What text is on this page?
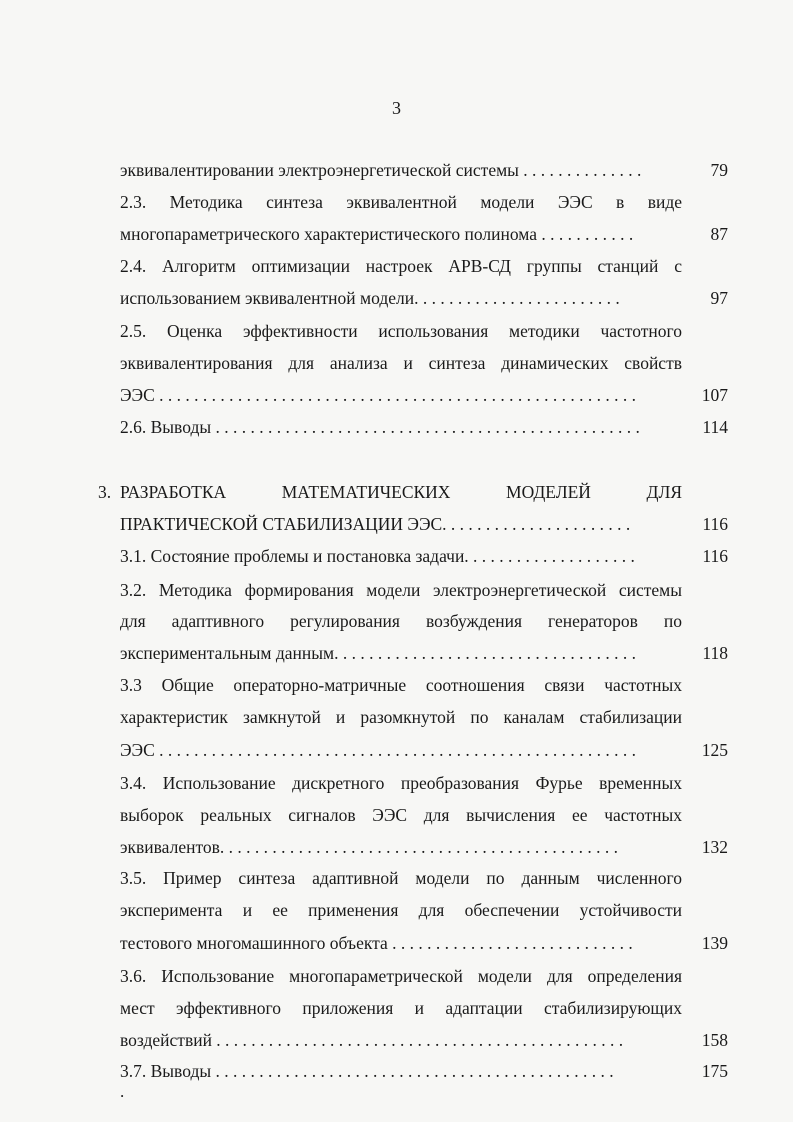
3
эквивалентировании электроэнергетической системы . . . . . . . . . . . . . .	79
2.3. Методика синтеза эквивалентной модели ЭЭС в виде
многопараметрического характеристического полинома . . . . . . . . . . .	87
2.4. Алгоритм оптимизации настроек АРВ-СД группы станций с
использованием эквивалентной модели. . . . . . . . . . . . . . . . . . . . . . . .	97
2.5. Оценка эффективности использования методики частотного
эквивалентирования для анализа и синтеза динамических свойств
ЭЭС . . . . . . . . . . . . . . . . . . . . . . . . . . . . . . . . . . . . . . . . . . . . . . . . . . . . . . .	107
2.6. Выводы . . . . . . . . . . . . . . . . . . . . . . . . . . . . . . . . . . . . . . . . . . . . . . . . .	114
3. РАЗРАБОТКА МАТЕМАТИЧЕСКИХ МОДЕЛЕЙ ДЛЯ
ПРАКТИЧЕСКОЙ СТАБИЛИЗАЦИИ ЭЭС. . . . . . . . . . . . . . . . . . . . . .	116
3.1. Состояние проблемы и постановка задачи. . . . . . . . . . . . . . . . . . . .	116
3.2. Методика формирования модели электроэнергетической системы
для адаптивного регулирования возбуждения генераторов по
экспериментальным данным. . . . . . . . . . . . . . . . . . . . . . . . . . . . . . . . . . .	118
3.3 Общие операторно-матричные соотношения связи частотных
характеристик замкнутой и разомкнутой по каналам стабилизации
ЭЭС . . . . . . . . . . . . . . . . . . . . . . . . . . . . . . . . . . . . . . . . . . . . . . . . . . . . . . .	125
3.4. Использование дискретного преобразования Фурье временных
выборок реальных сигналов ЭЭС для вычисления ее частотных
эквивалентов. . . . . . . . . . . . . . . . . . . . . . . . . . . . . . . . . . . . . . . . . . . . . .	132
3.5. Пример синтеза адаптивной модели по данным численного
эксперимента и ее применения для обеспечении устойчивости
тестового многомашинного объекта . . . . . . . . . . . . . . . . . . . . . . . . . . . .	139
3.6. Использование многопараметрической модели для определения
мест эффективного приложения и адаптации стабилизирующих
воздействий . . . . . . . . . . . . . . . . . . . . . . . . . . . . . . . . . . . . . . . . . . . . . . .	158
3.7. Выводы . . . . . . . . . . . . . . . . . . . . . . . . . . . . . . . . . . . . . . . . . . . . . .	175
.
